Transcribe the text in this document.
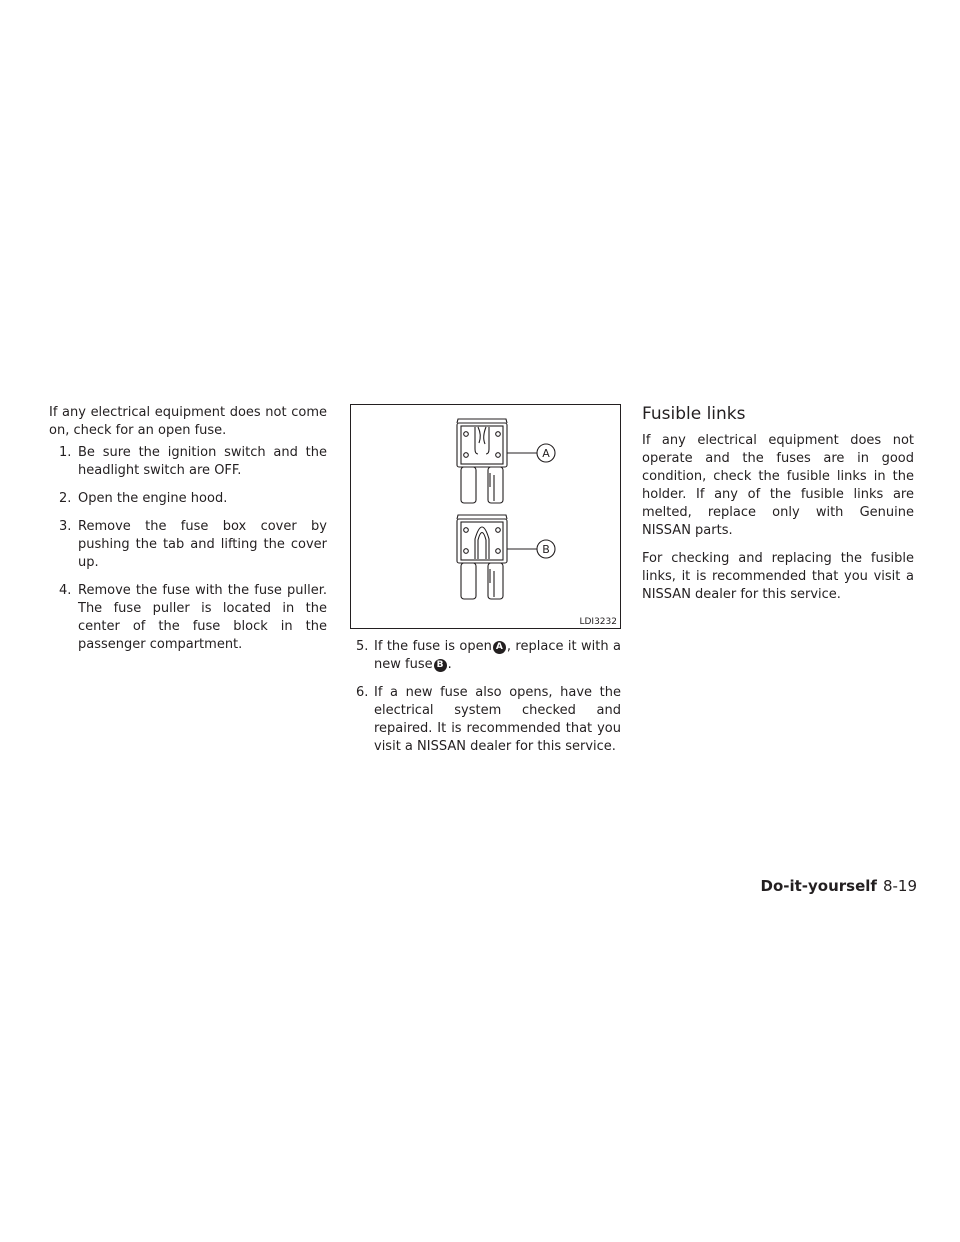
If any electrical equipment does not come on, check for an open fuse.

1. Be sure the ignition switch and the headlight switch are OFF.
2. Open the engine hood.
3. Remove the fuse box cover by pushing the tab and lifting the cover up.
4. Remove the fuse with the fuse puller. The fuse puller is located in the center of the fuse block in the passenger compartment.
A
B
LDI3232
5. If the fuse is open A , replace it with a new fuse B .
6. If a new fuse also opens, have the electrical system checked and repaired. It is recommended that you visit a NISSAN dealer for this service.
Fusible links

If any electrical equipment does not operate and the fuses are in good condition, check the fusible links in the holder. If any of the fusible links are melted, replace only with Genuine NISSAN parts.

For checking and replacing the fusible links, it is recommended that you visit a NISSAN dealer for this service.

Do-it-yourself 8-19
